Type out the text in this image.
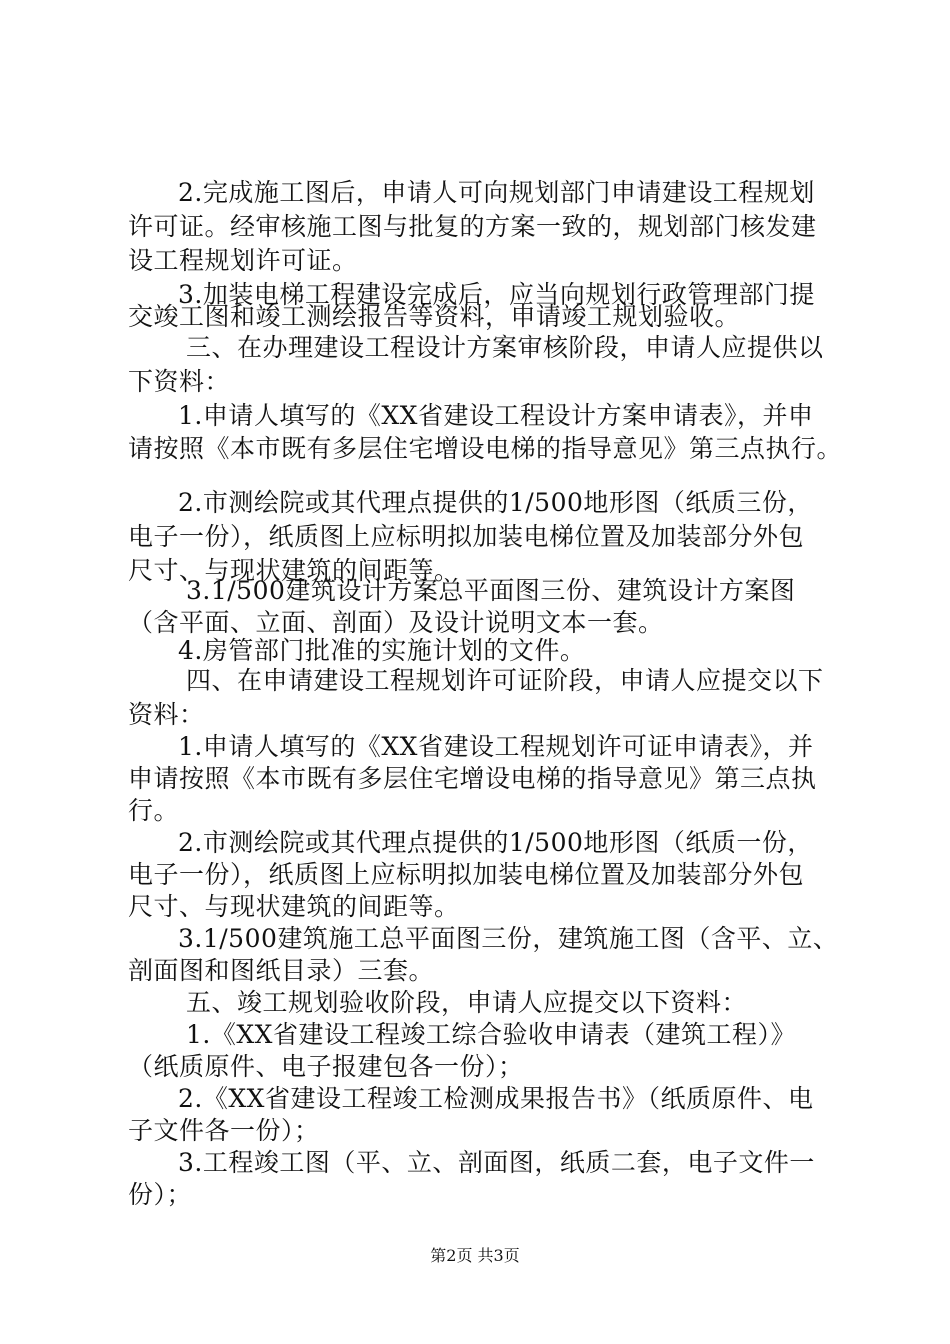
2.完成施工图后，申请人可向规划部门申请建设工程规划

许可证。经审核施工图与批复的方案一致的，规划部门核发建

设工程规划许可证。

3.加装电梯工程建设完成后，应当向规划行政管理部门提

交竣工图和竣工测绘报告等资料，申请竣工规划验收。

三、在办理建设工程设计方案审核阶段，申请人应提供以

下资料：

1.申请人填写的《XX省建设工程设计方案申请表》，并申

请按照《本市既有多层住宅增设电梯的指导意见》第三点执行。

2.市测绘院或其代理点提供的1/500地形图（纸质三份，

电子一份），纸质图上应标明拟加装电梯位置及加装部分外包

尺寸、与现状建筑的间距等。

3.1/500建筑设计方案总平面图三份、建筑设计方案图

（含平面、立面、剖面）及设计说明文本一套。

4.房管部门批准的实施计划的文件。

四、在申请建设工程规划许可证阶段，申请人应提交以下

资料：

1.申请人填写的《XX省建设工程规划许可证申请表》，并

申请按照《本市既有多层住宅增设电梯的指导意见》第三点执

行。

2.市测绘院或其代理点提供的1/500地形图（纸质一份，

电子一份），纸质图上应标明拟加装电梯位置及加装部分外包

尺寸、与现状建筑的间距等。

3.1/500建筑施工总平面图三份，建筑施工图（含平、立、

剖面图和图纸目录）三套。

五、竣工规划验收阶段，申请人应提交以下资料：

1.《XX省建设工程竣工综合验收申请表（建筑工程）》

（纸质原件、电子报建包各一份）；

2.《XX省建设工程竣工检测成果报告书》（纸质原件、电

子文件各一份）；

3.工程竣工图（平、立、剖面图，纸质二套，电子文件一

份）；

第2页 共3页
